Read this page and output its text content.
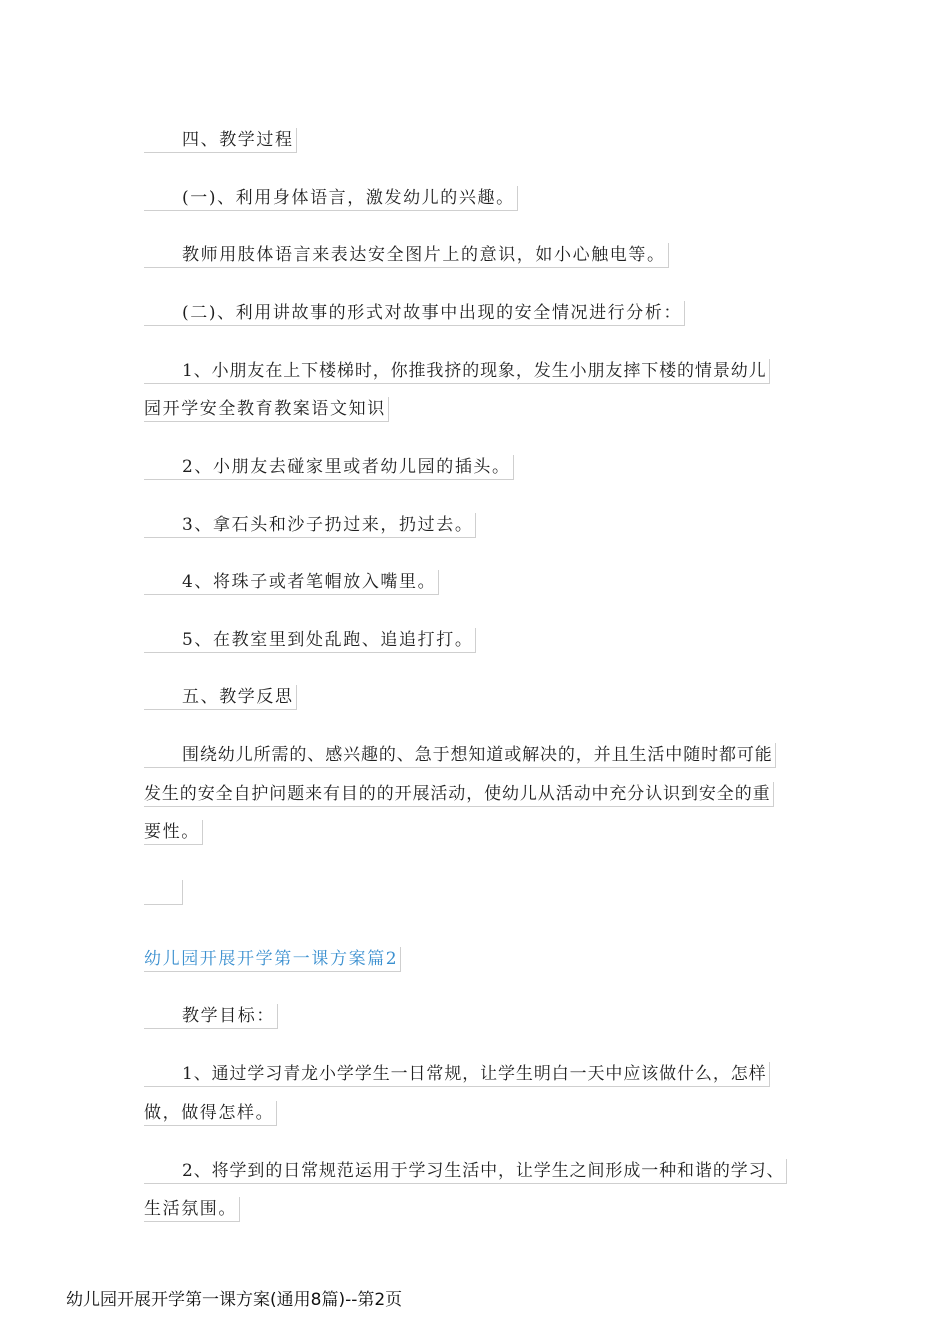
四、教学过程
(一)、利用身体语言，激发幼儿的兴趣。
教师用肢体语言来表达安全图片上的意识，如小心触电等。
(二)、利用讲故事的形式对故事中出现的安全情况进行分析：
1、小朋友在上下楼梯时，你推我挤的现象，发生小朋友摔下楼的情景幼儿
园开学安全教育教案语文知识
2、小朋友去碰家里或者幼儿园的插头。
3、拿石头和沙子扔过来，扔过去。
4、将珠子或者笔帽放入嘴里。
5、在教室里到处乱跑、追追打打。
五、教学反思
围绕幼儿所需的、感兴趣的、急于想知道或解决的，并且生活中随时都可能
发生的安全自护问题来有目的的开展活动，使幼儿从活动中充分认识到安全的重
要性。
幼儿园开展开学第一课方案篇2
教学目标：
1、通过学习青龙小学学生一日常规，让学生明白一天中应该做什么，怎样
做，做得怎样。
2、将学到的日常规范运用于学习生活中，让学生之间形成一种和谐的学习、
生活氛围。
幼儿园开展开学第一课方案(通用8篇)--第2页
